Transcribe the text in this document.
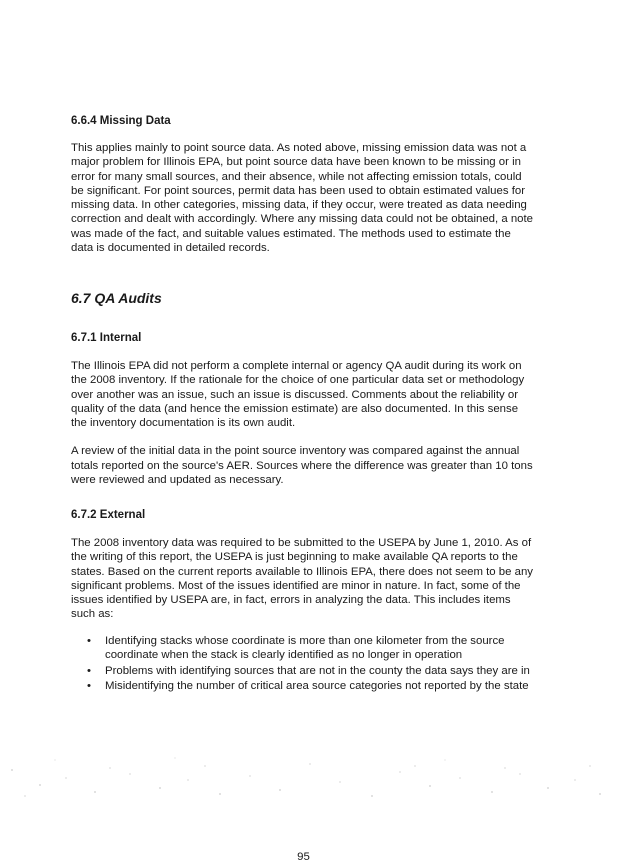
6.6.4 Missing Data

This applies mainly to point source data. As noted above, missing emission data was not a major problem for Illinois EPA, but point source data have been known to be missing or in error for many small sources, and their absence, while not affecting emission totals, could be significant. For point sources, permit data has been used to obtain estimated values for missing data. In other categories, missing data, if they occur, were treated as data needing correction and dealt with accordingly. Where any missing data could not be obtained, a note was made of the fact, and suitable values estimated. The methods used to estimate the data is documented in detailed records.

6.7 QA Audits
6.7.1 Internal

The Illinois EPA did not perform a complete internal or agency QA audit during its work on the 2008 inventory. If the rationale for the choice of one particular data set or methodology over another was an issue, such an issue is discussed. Comments about the reliability or quality of the data (and hence the emission estimate) are also documented. In this sense the inventory documentation is its own audit.

A review of the initial data in the point source inventory was compared against the annual totals reported on the source's AER. Sources where the difference was greater than 10 tons were reviewed and updated as necessary.

6.7.2 External

The 2008 inventory data was required to be submitted to the USEPA by June 1, 2010. As of the writing of this report, the USEPA is just beginning to make available QA reports to the states. Based on the current reports available to Illinois EPA, there does not seem to be any significant problems. Most of the issues identified are minor in nature. In fact, some of the issues identified by USEPA are, in fact, errors in analyzing the data. This includes items such as:

• Identifying stacks whose coordinate is more than one kilometer from the source coordinate when the stack is clearly identified as no longer in operation
• Problems with identifying sources that are not in the county the data says they are in
• Misidentifying the number of critical area source categories not reported by the state
95
